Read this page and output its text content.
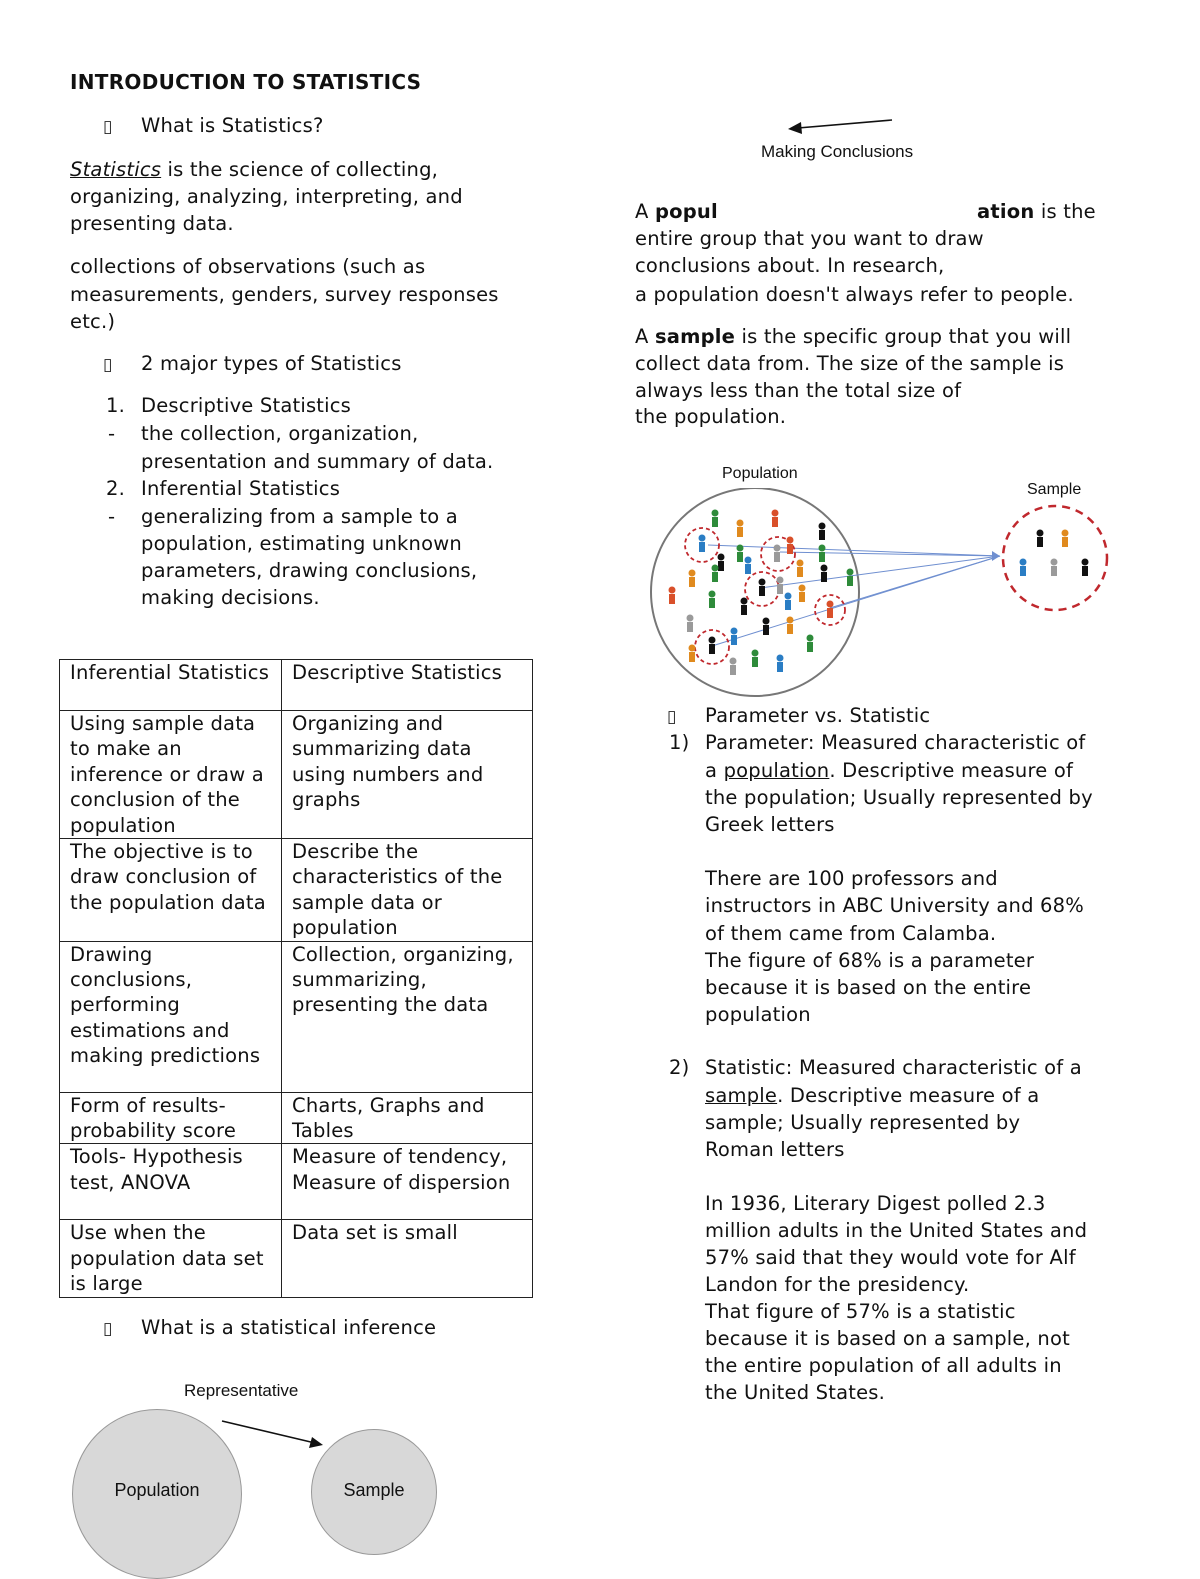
INTRODUCTION TO STATISTICS
▯ What is Statistics?
Statistics is the science of collecting,
organizing, analyzing, interpreting, and
presenting data.
collections of observations (such as
measurements, genders, survey responses
etc.)
▯ 2 major types of Statistics
1. Descriptive Statistics
- the collection, organization,
presentation and summary of data.
2. Inferential Statistics
- generalizing from a sample to a
population, estimating unknown
parameters, drawing conclusions,
making decisions.
Inferential Statistics	Descriptive Statistics
Using sample data to make an inference or draw a conclusion of the population	Organizing and summarizing data using numbers and graphs
The objective is to draw conclusion of the population data	Describe the characteristics of the sample data or population
Drawing conclusions, performing estimations and making predictions	Collection, organizing, summarizing, presenting the data
Form of results-probability score	Charts, Graphs and Tables
Tools- Hypothesis test, ANOVA	Measure of tendency, Measure of dispersion
Use when the population data set is large	Data set is small
▯ What is a statistical inference
Representative
Population	Sample
Making Conclusions
A popul	ation is the
entire group that you want to draw
conclusions about. In research,
a population doesn't always refer to people.
A sample is the specific group that you will
collect data from. The size of the sample is
always less than the total size of
the population.
Population
Sample
▯ Parameter vs. Statistic
1) Parameter: Measured characteristic of
a population. Descriptive measure of
the population; Usually represented by
Greek letters
There are 100 professors and
instructors in ABC University and 68%
of them came from Calamba.
The figure of 68% is a parameter
because it is based on the entire
population
2) Statistic: Measured characteristic of a
sample. Descriptive measure of a
sample; Usually represented by
Roman letters
In 1936, Literary Digest polled 2.3
million adults in the United States and
57% said that they would vote for Alf
Landon for the presidency.
That figure of 57% is a statistic
because it is based on a sample, not
the entire population of all adults in
the United States.
